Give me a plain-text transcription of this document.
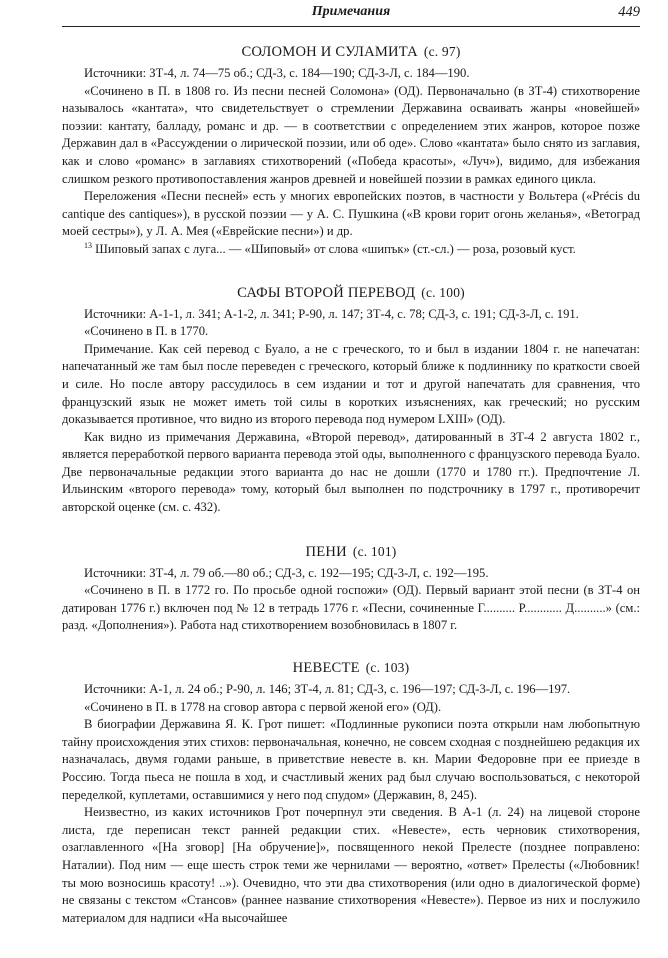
Примечания	449
СОЛОМОН И СУЛАМИТА (с. 97)

Источники: ЗТ-4, л. 74—75 об.; СД-3, с. 184—190; СД-3-Л, с. 184—190.

«Сочинено в П. в 1808 го. Из песни песней Соломона» (ОД). Первоначально (в ЗТ-4) стихотворение называлось «кантата», что свидетельствует о стремлении Державина осваивать жанры «новейшей» поэзии: кантату, балладу, романс и др. — в соответствии с определением этих жанров, которое позже Державин дал в «Рассуждении о лирической поэзии, или об оде». Слово «кантата» было снято из заглавия, как и слово «романс» в заглавиях стихотворений («Победа красоты», «Луч»), видимо, для избежания слишком резкого противопоставления жанров древней и новейшей поэзии в рамках единого цикла.

Переложения «Песни песней» есть у многих европейских поэтов, в частности у Вольтера («Précis du cantique des cantiques»), в русской поэзии — у А. С. Пушкина («В крови горит огонь желанья», «Ветоград моей сестры»), у Л. А. Мея («Еврейские песни») и др.

$^{13}$ Шиповый запах с луга... — «Шиповый» от слова «шипък» (ст.-сл.) — роза, розовый куст.

САФЫ ВТОРОЙ ПЕРЕВОД (с. 100)

Источники: А-1-1, л. 341; А-1-2, л. 341; Р-90, л. 147; ЗТ-4, с. 78; СД-3, с. 191; СД-3-Л, с. 191.

«Сочинено в П. в 1770.

Примечание. Как сей перевод с Буало, а не с греческого, то и был в издании 1804 г. не напечатан: напечатанный же там был после переведен с греческого, который ближе к подлиннику по краткости своей и силе. Но после автору рассудилось в сем издании и тот и другой напечатать для сравнения, что французский язык не может иметь той силы в коротких изъяснениях, как греческий; но русским доказывается противное, что видно из второго перевода под нумером LXIII» (ОД).

Как видно из примечания Державина, «Второй перевод», датированный в ЗТ-4 2 августа 1802 г., является переработкой первого варианта перевода этой оды, выполненного с французского перевода Буало. Две первоначальные редакции этого варианта до нас не дошли (1770 и 1780 гг.). Предпочтение Л. Ильинским «второго перевода» тому, который был выполнен по подстрочнику в 1797 г., противоречит авторской оценке (см. с. 432).

ПЕНИ (с. 101)

Источники: ЗТ-4, л. 79 об.—80 об.; СД-3, с. 192—195; СД-3-Л, с. 192—195.

«Сочинено в П. в 1772 го. По просьбе одной госпожи» (ОД). Первый вариант этой песни (в ЗТ-4 он датирован 1776 г.) включен под № 12 в тетрадь 1776 г. «Песни, сочиненные Г.......... Р............ Д..........» (см.: разд. «Дополнения»). Работа над стихотворением возобновилась в 1807 г.

НЕВЕСТЕ (с. 103)

Источники: А-1, л. 24 об.; Р-90, л. 146; ЗТ-4, л. 81; СД-3, с. 196—197; СД-3-Л, с. 196—197.

«Сочинено в П. в 1778 на сговор автора с первой женой его» (ОД).

В биографии Державина Я. К. Грот пишет: «Подлинные рукописи поэта открыли нам любопытную тайну происхождения этих стихов: первоначальная, конечно, не совсем сходная с позднейшею редакция их назначалась, двумя годами раньше, в приветствие невесте в. кн. Марии Федоровне при ее приезде в Россию. Тогда пьеса не пошла в ход, и счастливый жених рад был случаю воспользоваться, с некоторой переделкой, куплетами, оставшимися у него под спудом» (Державин, 8, 245).

Неизвестно, из каких источников Грот почерпнул эти сведения. В А-1 (л. 24) на лицевой стороне листа, где переписан текст ранней редакции стих. «Невесте», есть черновик стихотворения, озаглавленного «[На зговор] [На обручение]», посвященного некой Прелесте (позднее поправлено: Наталии). Под ним — еще шесть строк теми же чернилами — вероятно, «ответ» Прелесты («Любовник! ты мою возносишь красоту! ..»). Очевидно, что эти два стихотворения (или одно в диалогической форме) не связаны с текстом «Стансов» (раннее название стихотворения «Невесте»). Первое из них и послужило материалом для надписи «На высочайшее
